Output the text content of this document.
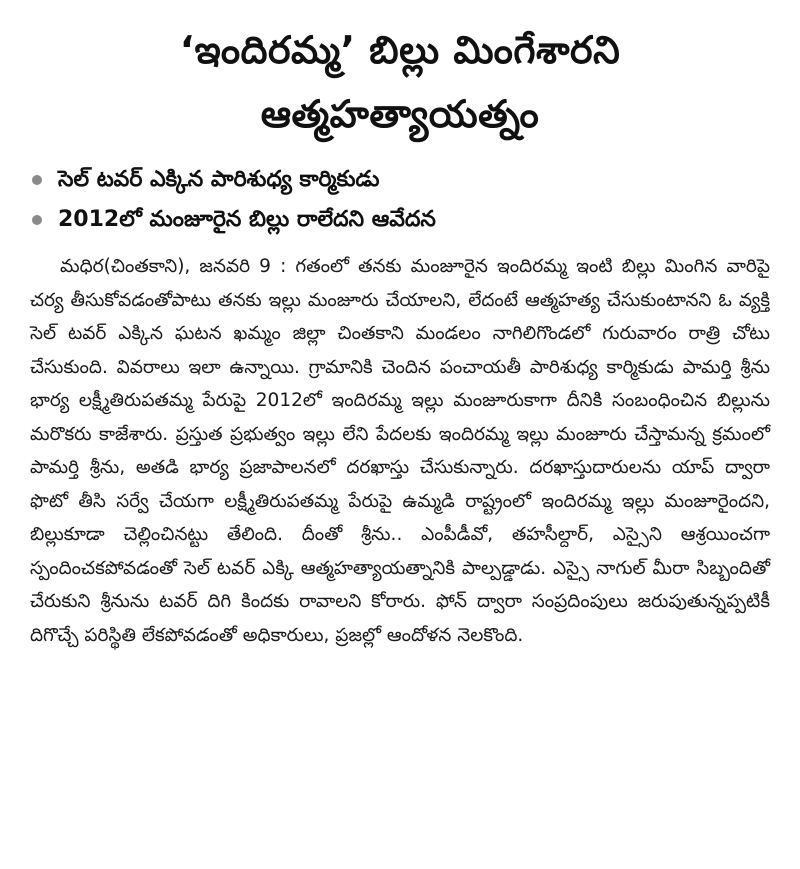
‘ఇందిరమ్మ’ బిల్లు మింగేశారని
ఆత్మహత్యాయత్నం
సెల్ టవర్ ఎక్కిన పారిశుధ్య కార్మికుడు
2012లో మంజూరైన బిల్లు రాలేదని ఆవేదన

మధిర(చింతకాని), జనవరి 9 : గతంలో తనకు మంజూరైన ఇందిరమ్మ ఇంటి బిల్లు మింగిన వారిపై చర్య తీసుకోవడంతోపాటు తనకు ఇల్లు మంజూరు చేయాలని, లేదంటే ఆత్మహత్య చేసుకుంటానని ఓ వ్యక్తి సెల్ టవర్ ఎక్కిన ఘటన ఖమ్మం జిల్లా చింతకాని మండలం నాగిలిగొండలో గురువారం రాత్రి చోటు చేసుకుంది. వివరాలు ఇలా ఉన్నాయి. గ్రామానికి చెందిన పంచాయతీ పారిశుధ్య కార్మికుడు పామర్తి శ్రీను భార్య లక్ష్మీతిరుపతమ్మ పేరుపై 2012లో ఇందిరమ్మ ఇల్లు మంజూరుకాగా దీనికి సంబంధించిన బిల్లును మరొకరు కాజేశారు. ప్రస్తుత ప్రభుత్వం ఇల్లు లేని పేదలకు ఇందిరమ్మ ఇల్లు మంజూరు చేస్తామన్న క్రమంలో పామర్తి శ్రీను, అతడి భార్య ప్రజాపాలనలో దరఖాస్తు చేసుకున్నారు. దరఖాస్తుదారులను యాప్ ద్వారా ఫొటో తీసి సర్వే చేయగా లక్ష్మీతిరుపతమ్మ పేరుపై ఉమ్మడి రాష్ట్రంలో ఇందిరమ్మ ఇల్లు మంజూరైందని, బిల్లుకూడా చెల్లించినట్టు తేలింది. దీంతో శ్రీను.. ఎంపీడీవో, తహసీల్దార్, ఎస్సైని ఆశ్రయించగా స్పందించకపోవడంతో సెల్ టవర్ ఎక్కి ఆత్మహత్యాయత్నానికి పాల్పడ్డాడు. ఎస్సై నాగుల్ మీరా సిబ్బందితో చేరుకుని శ్రీనును టవర్ దిగి కిందకు రావాలని కోరారు. ఫోన్ ద్వారా సంప్రదింపులు జరుపుతున్నప్పటికీ దిగొచ్చే పరిస్థితి లేకపోవడంతో అధికారులు, ప్రజల్లో ఆందోళన నెలకొంది.
